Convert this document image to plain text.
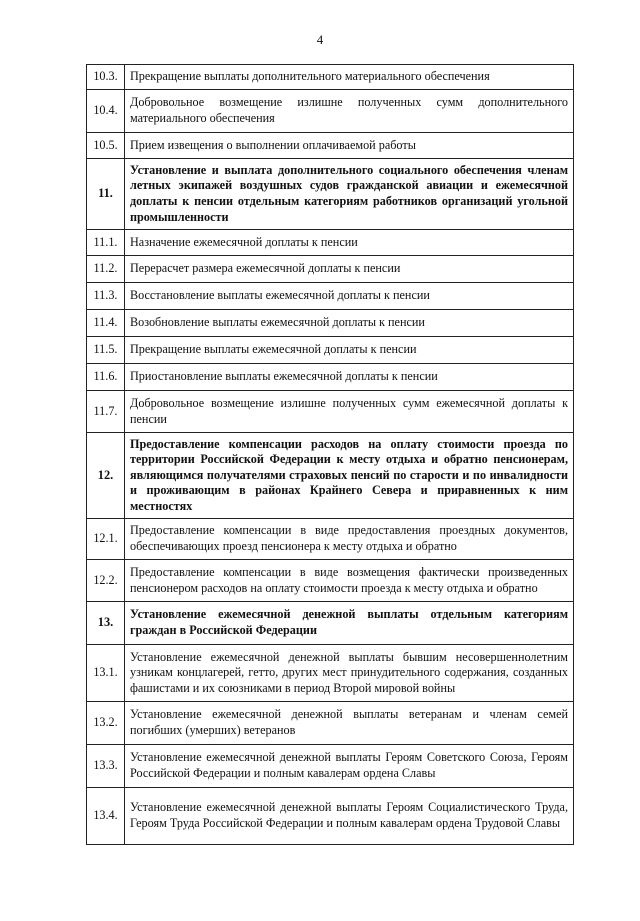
4
10.3.	Прекращение выплаты дополнительного материального обеспечения
10.4.	Добровольное возмещение излишне полученных сумм дополнительного материального обеспечения
10.5.	Прием извещения о выполнении оплачиваемой работы
11.	Установление и выплата дополнительного социального обеспечения членам летных экипажей воздушных судов гражданской авиации и ежемесячной доплаты к пенсии отдельным категориям работников организаций угольной промышленности
11.1.	Назначение ежемесячной доплаты к пенсии
11.2.	Перерасчет размера ежемесячной доплаты к пенсии
11.3.	Восстановление выплаты ежемесячной доплаты к пенсии
11.4.	Возобновление выплаты ежемесячной доплаты к пенсии
11.5.	Прекращение выплаты ежемесячной доплаты к пенсии
11.6.	Приостановление выплаты ежемесячной доплаты к пенсии
11.7.	Добровольное возмещение излишне полученных сумм ежемесячной доплаты к пенсии
12.	Предоставление компенсации расходов на оплату стоимости проезда по территории Российской Федерации к месту отдыха и обратно пенсионерам, являющимся получателями страховых пенсий по старости и по инвалидности и проживающим в районах Крайнего Севера и приравненных к ним местностях
12.1.	Предоставление компенсации в виде предоставления проездных документов, обеспечивающих проезд пенсионера к месту отдыха и обратно
12.2.	Предоставление компенсации в виде возмещения фактически произведенных пенсионером расходов на оплату стоимости проезда к месту отдыха и обратно
13.	Установление ежемесячной денежной выплаты отдельным категориям граждан в Российской Федерации
13.1.	Установление ежемесячной денежной выплаты бывшим несовершеннолетним узникам концлагерей, гетто, других мест принудительного содержания, созданных фашистами и их союзниками в период Второй мировой войны
13.2.	Установление ежемесячной денежной выплаты ветеранам и членам семей погибших (умерших) ветеранов
13.3.	Установление ежемесячной денежной выплаты Героям Советского Союза, Героям Российской Федерации и полным кавалерам ордена Славы
13.4.	Установление ежемесячной денежной выплаты Героям Социалистического Труда, Героям Труда Российской Федерации и полным кавалерам ордена Трудовой Славы
